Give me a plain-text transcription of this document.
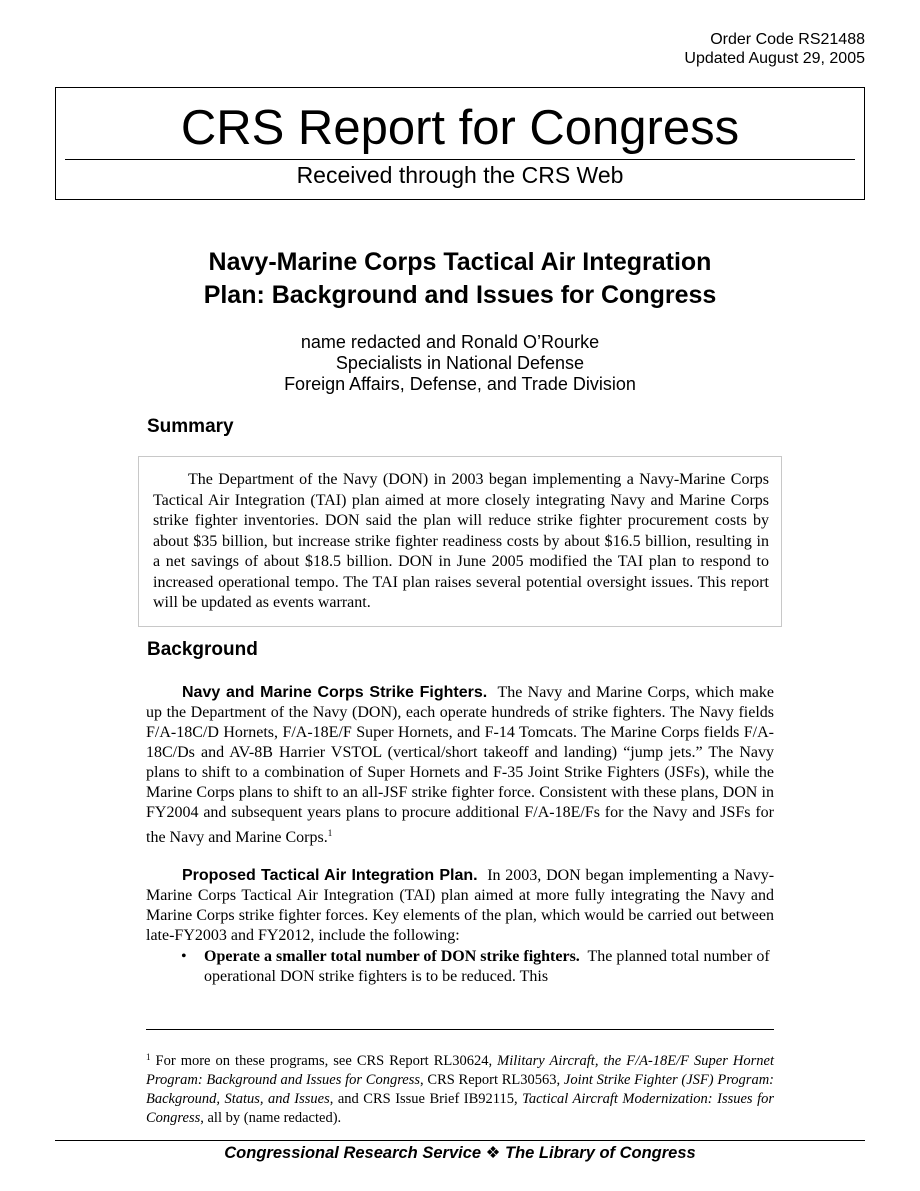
Order Code RS21488
Updated August 29, 2005
CRS Report for Congress
Received through the CRS Web
Navy-Marine Corps Tactical Air Integration
Plan: Background and Issues for Congress
name redacted and Ronald O’Rourke
Specialists in National Defense
Foreign Affairs, Defense, and Trade Division
Summary
The Department of the Navy (DON) in 2003 began implementing a Navy-Marine Corps Tactical Air Integration (TAI) plan aimed at more closely integrating Navy and Marine Corps strike fighter inventories. DON said the plan will reduce strike fighter procurement costs by about $35 billion, but increase strike fighter readiness costs by about $16.5 billion, resulting in a net savings of about $18.5 billion. DON in June 2005 modified the TAI plan to respond to increased operational tempo. The TAI plan raises several potential oversight issues. This report will be updated as events warrant.
Background
Navy and Marine Corps Strike Fighters. The Navy and Marine Corps, which make up the Department of the Navy (DON), each operate hundreds of strike fighters. The Navy fields F/A-18C/D Hornets, F/A-18E/F Super Hornets, and F-14 Tomcats. The Marine Corps fields F/A-18C/Ds and AV-8B Harrier VSTOL (vertical/short takeoff and landing) “jump jets.” The Navy plans to shift to a combination of Super Hornets and F-35 Joint Strike Fighters (JSFs), while the Marine Corps plans to shift to an all-JSF strike fighter force. Consistent with these plans, DON in FY2004 and subsequent years plans to procure additional F/A-18E/Fs for the Navy and JSFs for the Navy and Marine Corps.$^1$
Proposed Tactical Air Integration Plan. In 2003, DON began implementing a Navy-Marine Corps Tactical Air Integration (TAI) plan aimed at more fully integrating the Navy and Marine Corps strike fighter forces. Key elements of the plan, which would be carried out between late-FY2003 and FY2012, include the following:
• Operate a smaller total number of DON strike fighters. The planned total number of operational DON strike fighters is to be reduced. This
$^1$ For more on these programs, see CRS Report RL30624, Military Aircraft, the F/A-18E/F Super Hornet Program: Background and Issues for Congress, CRS Report RL30563, Joint Strike Fighter (JSF) Program: Background, Status, and Issues, and CRS Issue Brief IB92115, Tactical Aircraft Modernization: Issues for Congress, all by (name redacted).
Congressional Research Service ❖ The Library of Congress
